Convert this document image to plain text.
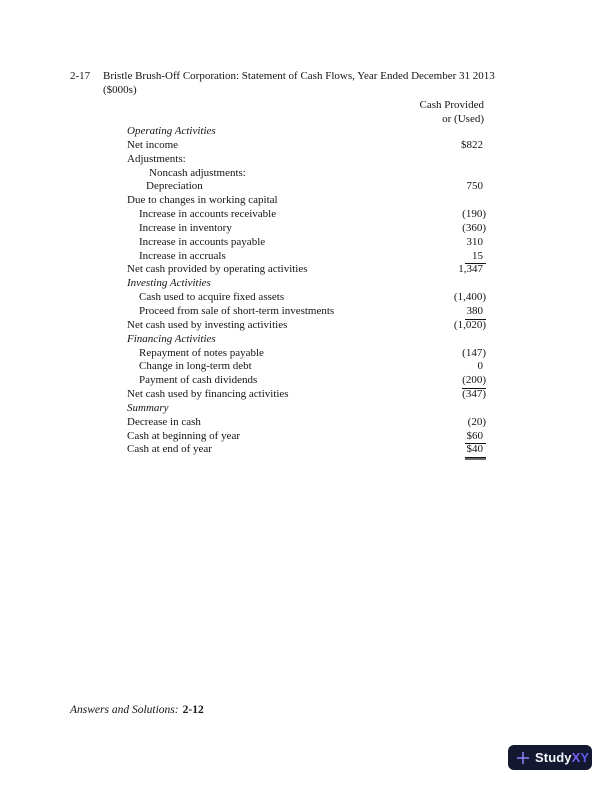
2-17 Bristle Brush-Off Corporation: Statement of Cash Flows, Year Ended December 31 2013
($000s)
Cash Provided
or (Used)
Operating Activities
Net income	$822
Adjustments:
Noncash adjustments:
Depreciation	750
Due to changes in working capital
Increase in accounts receivable	(190)
Increase in inventory	(360)
Increase in accounts payable	310
Increase in accruals	15
Net cash provided by operating activities	1,347
Investing Activities
Cash used to acquire fixed assets	(1,400)
Proceed from sale of short-term investments	380
Net cash used by investing activities	(1,020)
Financing Activities
Repayment of notes payable	(147)
Change in long-term debt	0
Payment of cash dividends	(200)
Net cash used by financing activities	(347)
Summary
Decrease in cash	(20)
Cash at beginning of year	$60
Cash at end of year	$40
Answers and Solutions: 2-12
StudyXY
